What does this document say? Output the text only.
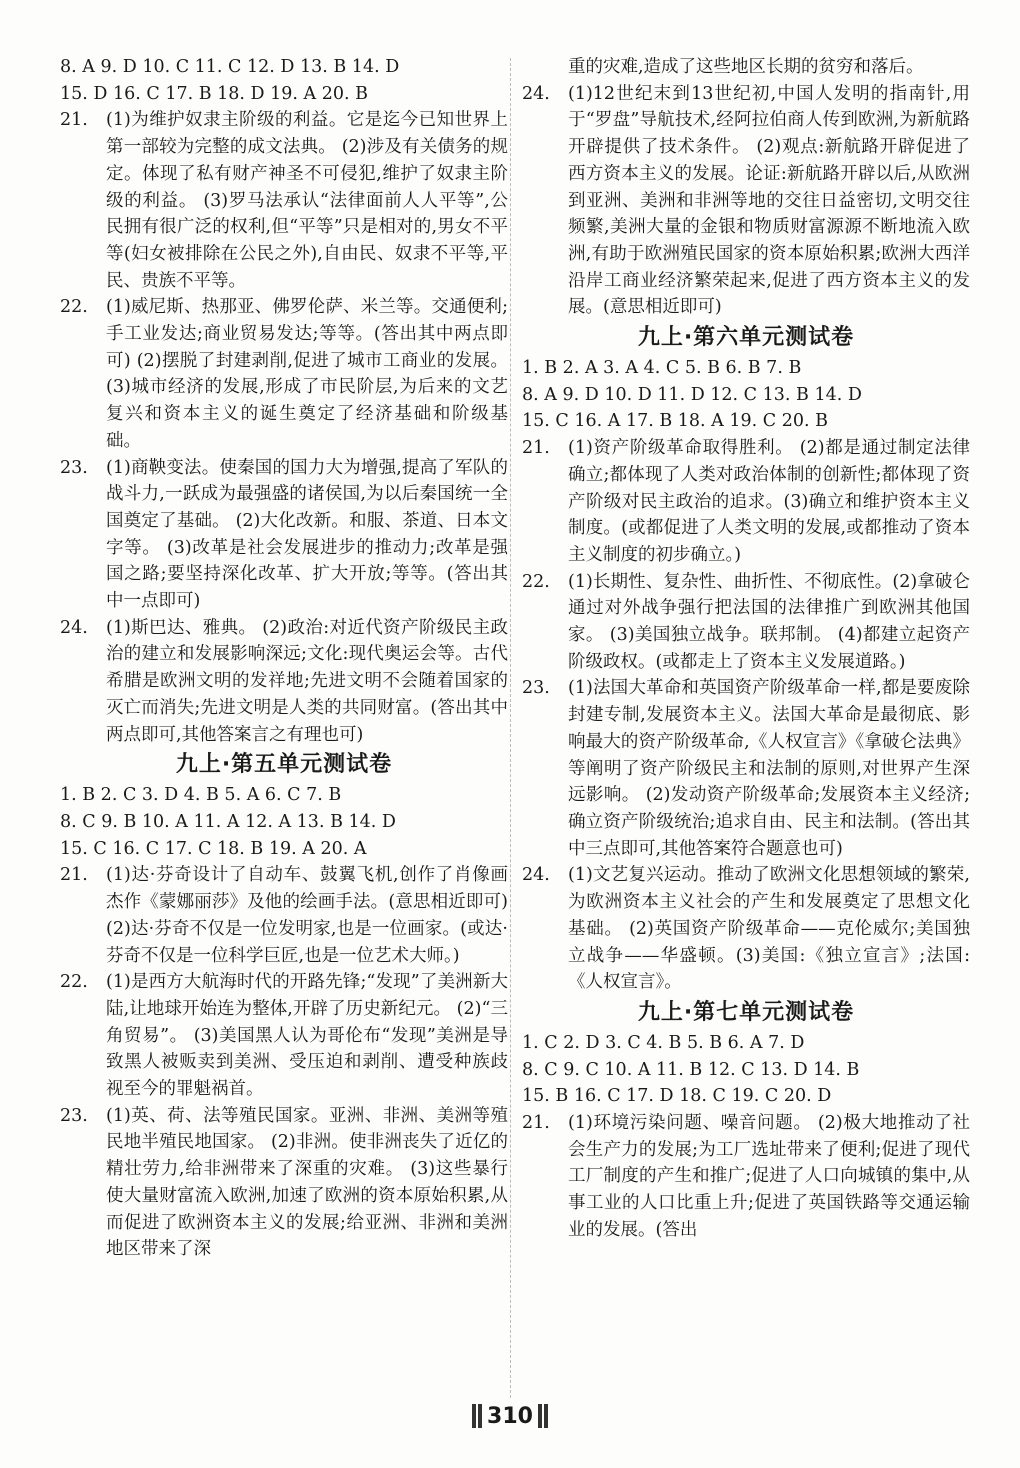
8. A 9. D 10. C 11. C 12. D 13. B 14. D
15. D 16. C 17. B 18. D 19. A 20. B
21.	(1)为维护奴隶主阶级的利益。它是迄今已知世界上第一部较为完整的成文法典。 (2)涉及有关债务的规定。体现了私有财产神圣不可侵犯,维护了奴隶主阶级的利益。 (3)罗马法承认“法律面前人人平等”,公民拥有很广泛的权利,但“平等”只是相对的,男女不平等(妇女被排除在公民之外),自由民、奴隶不平等,平民、贵族不平等。
22.	(1)威尼斯、热那亚、佛罗伦萨、米兰等。交通便利;手工业发达;商业贸易发达;等等。(答出其中两点即可) (2)摆脱了封建剥削,促进了城市工商业的发展。 (3)城市经济的发展,形成了市民阶层,为后来的文艺复兴和资本主义的诞生奠定了经济基础和阶级基础。
23.	(1)商鞅变法。使秦国的国力大为增强,提高了军队的战斗力,一跃成为最强盛的诸侯国,为以后秦国统一全国奠定了基础。 (2)大化改新。和服、茶道、日本文字等。 (3)改革是社会发展进步的推动力;改革是强国之路;要坚持深化改革、扩大开放;等等。(答出其中一点即可)
24.	(1)斯巴达、雅典。 (2)政治:对近代资产阶级民主政治的建立和发展影响深远;文化:现代奥运会等。古代希腊是欧洲文明的发祥地;先进文明不会随着国家的灭亡而消失;先进文明是人类的共同财富。(答出其中两点即可,其他答案言之有理也可)
九上·第五单元测试卷
1. B 2. C 3. D 4. B 5. A 6. C 7. B
8. C 9. B 10. A 11. A 12. A 13. B 14. D
15. C 16. C 17. C 18. B 19. A 20. A
21.	(1)达·芬奇设计了自动车、鼓翼飞机,创作了肖像画杰作《蒙娜丽莎》及他的绘画手法。(意思相近即可) (2)达·芬奇不仅是一位发明家,也是一位画家。(或达·芬奇不仅是一位科学巨匠,也是一位艺术大师。)
22.	(1)是西方大航海时代的开路先锋;“发现”了美洲新大陆,让地球开始连为整体,开辟了历史新纪元。 (2)“三角贸易”。 (3)美国黑人认为哥伦布“发现”美洲是导致黑人被贩卖到美洲、受压迫和剥削、遭受种族歧视至今的罪魁祸首。
23.	(1)英、荷、法等殖民国家。亚洲、非洲、美洲等殖民地半殖民地国家。 (2)非洲。使非洲丧失了近亿的精壮劳力,给非洲带来了深重的灾难。 (3)这些暴行使大量财富流入欧洲,加速了欧洲的资本原始积累,从而促进了欧洲资本主义的发展;给亚洲、非洲和美洲地区带来了深
重的灾难,造成了这些地区长期的贫穷和落后。
24.	(1)12世纪末到13世纪初,中国人发明的指南针,用于“罗盘”导航技术,经阿拉伯商人传到欧洲,为新航路开辟提供了技术条件。 (2)观点:新航路开辟促进了西方资本主义的发展。论证:新航路开辟以后,从欧洲到亚洲、美洲和非洲等地的交往日益密切,文明交往频繁,美洲大量的金银和物质财富源源不断地流入欧洲,有助于欧洲殖民国家的资本原始积累;欧洲大西洋沿岸工商业经济繁荣起来,促进了西方资本主义的发展。(意思相近即可)
九上·第六单元测试卷
1. B 2. A 3. A 4. C 5. B 6. B 7. B
8. A 9. D 10. D 11. D 12. C 13. B 14. D
15. C 16. A 17. B 18. A 19. C 20. B
21.	(1)资产阶级革命取得胜利。 (2)都是通过制定法律确立;都体现了人类对政治体制的创新性;都体现了资产阶级对民主政治的追求。(3)确立和维护资本主义制度。(或都促进了人类文明的发展,或都推动了资本主义制度的初步确立。)
22.	(1)长期性、复杂性、曲折性、不彻底性。(2)拿破仑通过对外战争强行把法国的法律推广到欧洲其他国家。 (3)美国独立战争。联邦制。 (4)都建立起资产阶级政权。(或都走上了资本主义发展道路。)
23.	(1)法国大革命和英国资产阶级革命一样,都是要废除封建专制,发展资本主义。法国大革命是最彻底、影响最大的资产阶级革命,《人权宣言》《拿破仑法典》等阐明了资产阶级民主和法制的原则,对世界产生深远影响。 (2)发动资产阶级革命;发展资本主义经济;确立资产阶级统治;追求自由、民主和法制。(答出其中三点即可,其他答案符合题意也可)
24.	(1)文艺复兴运动。推动了欧洲文化思想领域的繁荣,为欧洲资本主义社会的产生和发展奠定了思想文化基础。 (2)英国资产阶级革命——克伦威尔;美国独立战争——华盛顿。(3)美国:《独立宣言》;法国:《人权宣言》。
九上·第七单元测试卷
1. C 2. D 3. C 4. B 5. B 6. A 7. D
8. C 9. C 10. A 11. B 12. C 13. D 14. B
15. B 16. C 17. D 18. C 19. C 20. D
21.	(1)环境污染问题、噪音问题。 (2)极大地推动了社会生产力的发展;为工厂选址带来了便利;促进了现代工厂制度的产生和推广;促进了人口向城镇的集中,从事工业的人口比重上升;促进了英国铁路等交通运输业的发展。(答出
310
